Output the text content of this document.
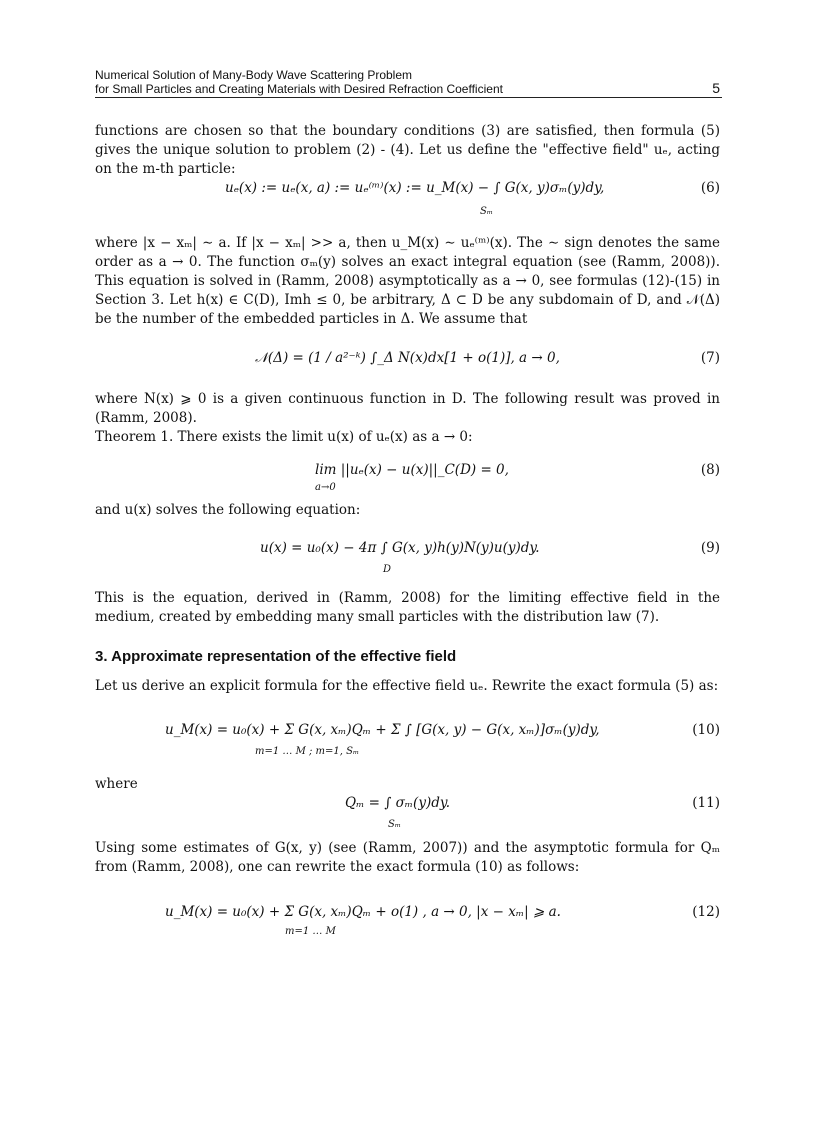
Numerical Solution of Many-Body Wave Scattering Problem
for Small Particles and Creating Materials with Desired Refraction Coefficient	5
functions are chosen so that the boundary conditions (3) are satisfied, then formula (5) gives the unique solution to problem (2) - (4). Let us define the "effective field" uₑ, acting on the m-th particle:
uₑ(x) := uₑ(x, a) := uₑ⁽ᵐ⁾(x) := u_M(x) − ∫ G(x, y)σₘ(y)dy,
Sₘ
(6)
where |x − xₘ| ∼ a. If |x − xₘ| >> a, then u_M(x) ∼ uₑ⁽ᵐ⁾(x). The ∼ sign denotes the same order as a → 0. The function σₘ(y) solves an exact integral equation (see (Ramm, 2008)). This equation is solved in (Ramm, 2008) asymptotically as a → 0, see formulas (12)-(15) in Section 3. Let h(x) ∈ C(D), Imh ≤ 0, be arbitrary, Δ ⊂ D be any subdomain of D, and 𝒩(Δ) be the number of the embedded particles in Δ. We assume that
𝒩(Δ) = (1 / a²⁻ᵏ) ∫_Δ N(x)dx[1 + o(1)], a → 0,	(7)
where N(x) ⩾ 0 is a given continuous function in D. The following result was proved in (Ramm, 2008).
Theorem 1. There exists the limit u(x) of uₑ(x) as a → 0:
lim ||uₑ(x) − u(x)||_C(D) = 0,
a→0
(8)
and u(x) solves the following equation:
u(x) = u₀(x) − 4π ∫ G(x, y)h(y)N(y)u(y)dy.
D
(9)
This is the equation, derived in (Ramm, 2008) for the limiting effective field in the medium, created by embedding many small particles with the distribution law (7).
3. Approximate representation of the effective field
Let us derive an explicit formula for the effective field uₑ. Rewrite the exact formula (5) as:
u_M(x) = u₀(x) + Σ G(x, xₘ)Qₘ + Σ ∫ [G(x, y) − G(x, xₘ)]σₘ(y)dy,
m=1 … M ; m=1, Sₘ
(10)
where
Qₘ = ∫ σₘ(y)dy.
Sₘ
(11)
Using some estimates of G(x, y) (see (Ramm, 2007)) and the asymptotic formula for Qₘ from (Ramm, 2008), one can rewrite the exact formula (10) as follows:
u_M(x) = u₀(x) + Σ G(x, xₘ)Qₘ + o(1) , a → 0, |x − xₘ| ⩾ a.
m=1 … M
(12)
